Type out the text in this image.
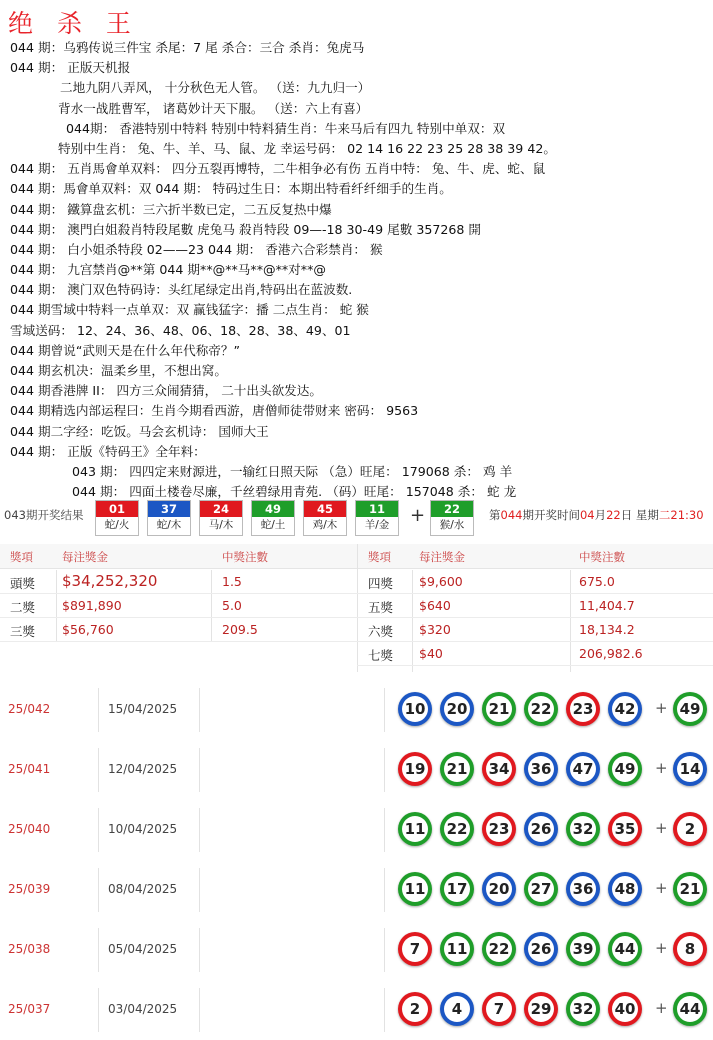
绝 杀 王
044 期：乌鸦传说三件宝 杀尾：7 尾 杀合：三合 杀肖：兔虎马
044 期： 正版天机报
二地九阴八弄风， 十分秋色无人管。 （送：九九归一）
背水一战胜曹军， 诸葛妙计天下服。 （送：六上有喜）
044期： 香港特别中特料 特别中特料猜生肖：牛来马后有四九 特别中单双：双
特别中生肖： 兔、牛、羊、马、鼠、龙 幸运号码： 02 14 16 22 23 25 28 38 39 42。
044 期： 五肖馬會单双料： 四分五裂再博特，二牛相争必有伤 五肖中特： 兔、牛、虎、蛇、鼠
044 期：馬會单双料：双 044 期： 特码过生日：本期出特看纤纤细手的生肖。
044 期： 鐵算盘玄机：三六折半数已定，二五反复热中爆
044 期： 澳門白姐殺肖特段尾數 虎兔马 殺肖特段 09—-18 30-49 尾數 357268 開
044 期： 白小姐杀特段 02——23 044 期： 香港六合彩禁肖： 猴
044 期： 九宫禁肖@**第 044 期**@**马**@**对**@
044 期： 澳门双色特码诗：头红尾绿定出肖,特码出在蓝波数.
044 期雪域中特料一点单双：双 赢钱猛字：播 二点生肖： 蛇 猴
雪域送码： 12、24、36、48、06、18、28、38、49、01
044 期曾说“武则天是在什么年代称帝？”
044 期玄机决：温柔乡里，不想出窝。
044 期香港牌 II： 四方三众闹猜猜， 二十出头欲发达。
044 期精选内部运程曰：生肖今期看西游，唐僧师徒带财来 密码： 9563
044 期二字经：吃饭。马会玄机诗： 国师大王
044 期： 正版《特码王》全年料：
043 期： 四四定来财源进，一输红日照天际 （急）旺尾： 179068 杀： 鸡 羊
044 期： 四面土楼卷尽廉，千丝碧绿用青苑. （码）旺尾： 157048 杀： 蛇 龙
043期开奖结果	01
蛇/火
37
蛇/木
24
马/木
49
蛇/土
45
鸡/木
11
羊/金
22
猴/水
+	第044期开奖时间04月22日 星期二21:30
獎項	每注獎金	中獎注數	獎項 每注獎金	中獎注數
頭獎 $34,252,320	1.5
二獎 $891,890	5.0
三獎 $56,760	209.5
四獎 $9,600	675.0
五獎 $640	11,404.7
六獎 $320	18,134.2
七獎 $40	206,982.6
25/042	15/04/2025	10 20 21 22 23 42 + 49
25/041	12/04/2025	19 21 34 36 47 49 + 14
25/040	10/04/2025	11 22 23 26 32 35 +	2
25/039	08/04/2025	11 17 20 27 36 48 + 21
25/038	05/04/2025	7	11 22 26 39 44 +	8
25/037	03/04/2025	2	4	7	29 32 40 + 44
